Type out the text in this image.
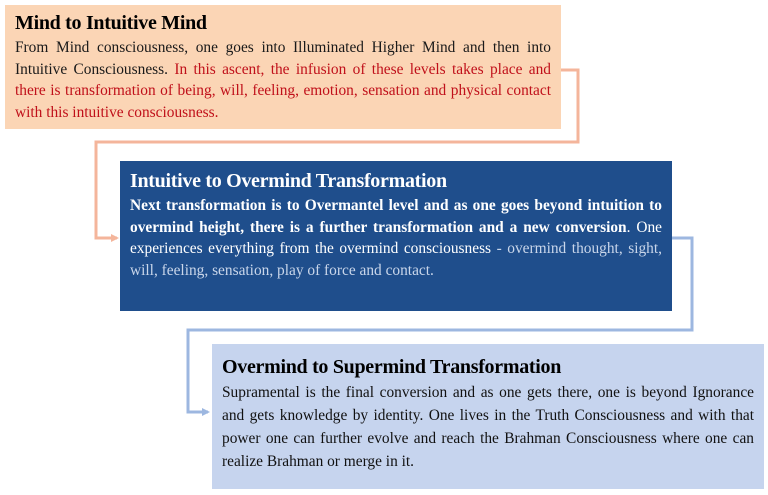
Mind to Intuitive Mind

From Mind consciousness, one goes into Illuminated Higher Mind and then into Intuitive Consciousness. In this ascent, the infusion of these levels takes place and there is transformation of being, will, feeling, emotion, sensation and physical contact with this intuitive consciousness.

Intuitive to Overmind Transformation

Next transformation is to Overmantel level and as one goes beyond intuition to overmind height, there is a further transformation and a new conversion. One experiences everything from the overmind consciousness - overmind thought, sight, will, feeling, sensation, play of force and contact.

Overmind to Supermind Transformation

Supramental is the final conversion and as one gets there, one is beyond Ignorance and gets knowledge by identity. One lives in the Truth Consciousness and with that power one can further evolve and reach the Brahman Consciousness where one can realize Brahman or merge in it.
